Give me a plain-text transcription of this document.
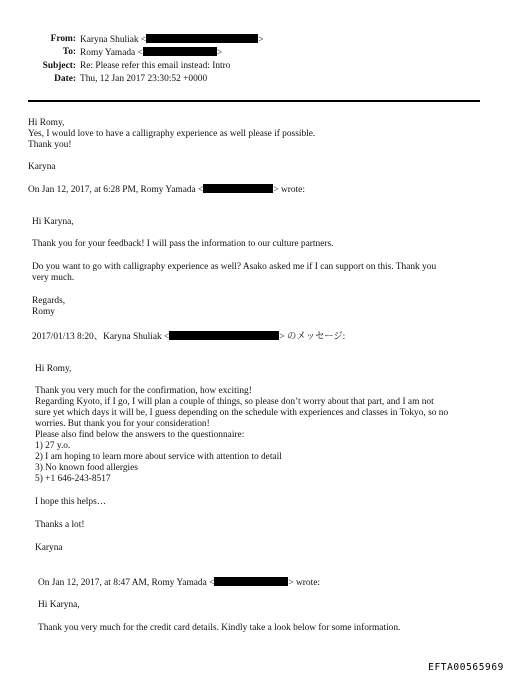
From: Karyna Shuliak <	>
To: Romy Yamada <	>
Subject: Re: Please refer this email instead: Intro
Date: Thu, 12 Jan 2017 23:30:52 +0000
Hi Romy,
Yes, I would love to have a calligraphy experience as well please if possible.
Thank you!
Karyna
On Jan 12, 2017, at 6:28 PM, Romy Yamada <	> wrote:
Hi Karyna,
Thank you for your feedback! I will pass the information to our culture partners.
Do you want to go with calligraphy experience as well? Asako asked me if I can support on this. Thank you
very much.
Regards,
Romy
2017/01/13 8:20、Karyna Shuliak <	> のメッセージ:
Hi Romy,
Thank you very much for the confirmation, how exciting!
Regarding Kyoto, if I go, I will plan a couple of things, so please don’t worry about that part, and I am not
sure yet which days it will be, I guess depending on the schedule with experiences and classes in Tokyo, so no
worries. But thank you for your consideration!
Please also find below the answers to the questionnaire:
1) 27 y.o.
2) I am hoping to learn more about service with attention to detail
3) No known food allergies
5) +1 646-243-8517
I hope this helps…
Thanks a lot!
Karyna
On Jan 12, 2017, at 8:47 AM, Romy Yamada <	> wrote:
Hi Karyna,
Thank you very much for the credit card details. Kindly take a look below for some information.
EFTA00565969
